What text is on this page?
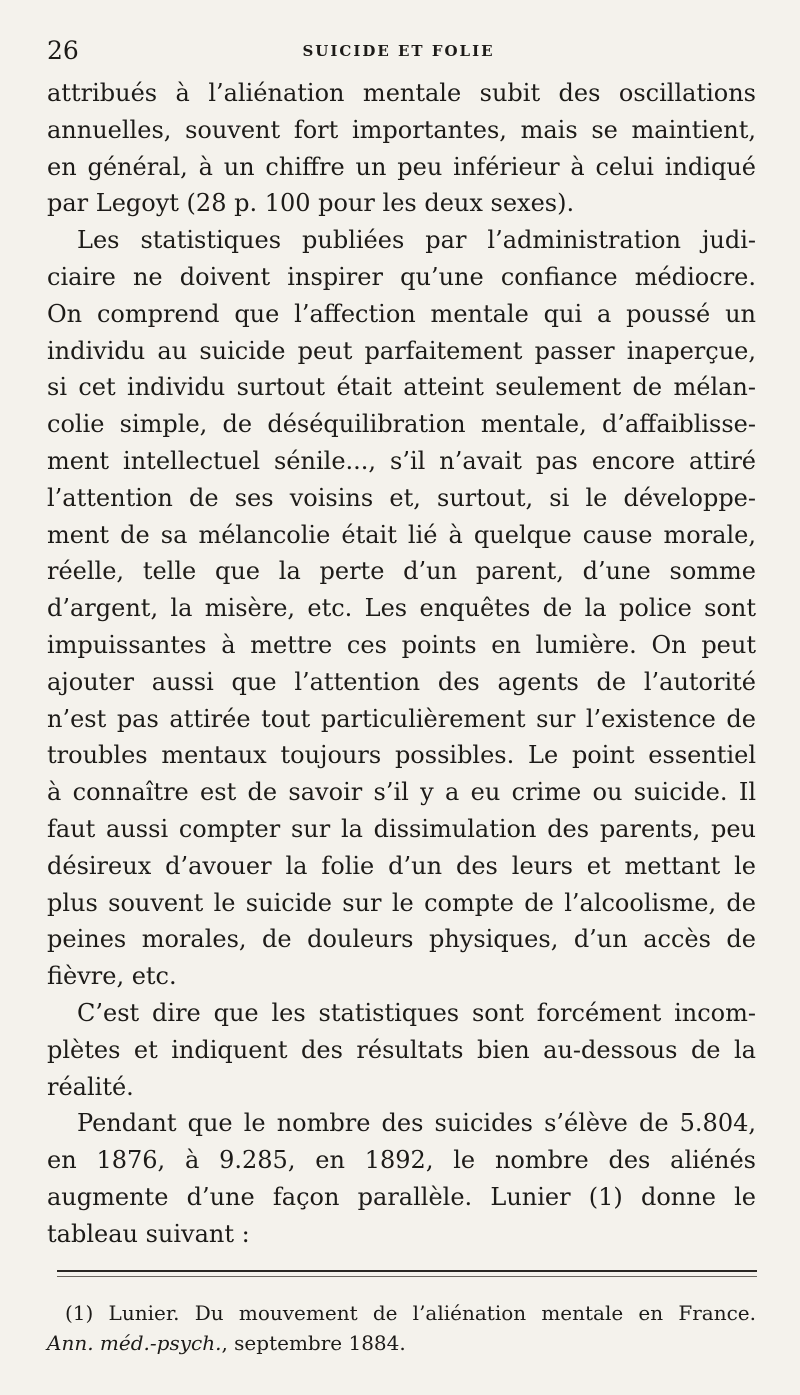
26	SUICIDE ET FOLIE
attribués à l’aliénation mentale subit des oscillations
annuelles, souvent fort importantes, mais se maintient,
en général, à un chiffre un peu inférieur à celui indiqué
par Legoyt (28 p. 100 pour les deux sexes).
Les statistiques publiées par l’administration judi-
ciaire ne doivent inspirer qu’une confiance médiocre.
On comprend que l’affection mentale qui a poussé un
individu au suicide peut parfaitement passer inaperçue,
si cet individu surtout était atteint seulement de mélan-
colie simple, de déséquilibration mentale, d’affaiblisse-
ment intellectuel sénile..., s’il n’avait pas encore attiré
l’attention de ses voisins et, surtout, si le développe-
ment de sa mélancolie était lié à quelque cause morale,
réelle, telle que la perte d’un parent, d’une somme
d’argent, la misère, etc. Les enquêtes de la police sont
impuissantes à mettre ces points en lumière. On peut
ajouter aussi que l’attention des agents de l’autorité
n’est pas attirée tout particulièrement sur l’existence de
troubles mentaux toujours possibles. Le point essentiel
à connaître est de savoir s’il y a eu crime ou suicide. Il
faut aussi compter sur la dissimulation des parents, peu
désireux d’avouer la folie d’un des leurs et mettant le
plus souvent le suicide sur le compte de l’alcoolisme, de
peines morales, de douleurs physiques, d’un accès de
fièvre, etc.
C’est dire que les statistiques sont forcément incom-
plètes et indiquent des résultats bien au-dessous de la
réalité.
Pendant que le nombre des suicides s’élève de 5.804,
en 1876, à 9.285, en 1892, le nombre des aliénés
augmente d’une façon parallèle. Lunier (1) donne le
tableau suivant :
(1) Lunier. Du mouvement de l’aliénation mentale en France.
Ann. méd.-psych., septembre 1884.
